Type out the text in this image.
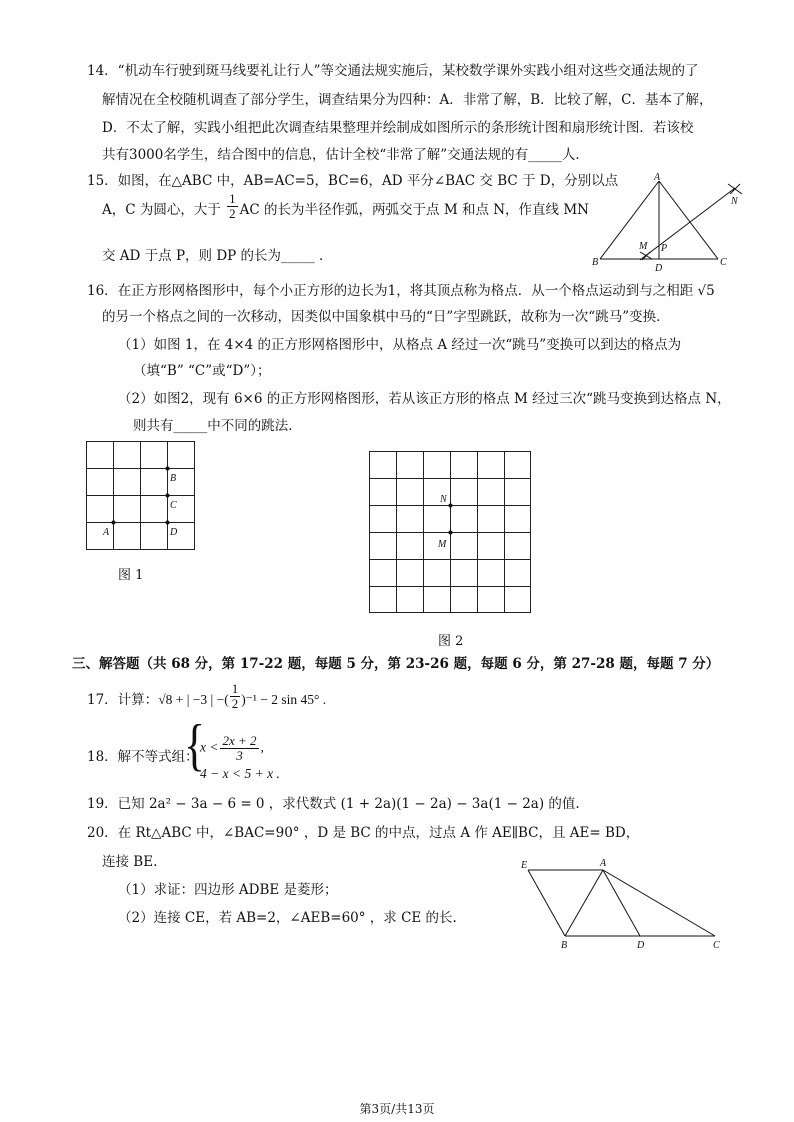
14．“机动车行驶到斑马线要礼让行人”等交通法规实施后，某校数学课外实践小组对这些交通法规的了
解情况在全校随机调查了部分学生，调查结果分为四种：A．非常了解，B．比较了解，C．基本了解，
D．不太了解，实践小组把此次调查结果整理并绘制成如图所示的条形统计图和扇形统计图．若该校
共有3000名学生，结合图中的信息，估计全校“非常了解”交通法规的有_____人．
15．如图，在△ABC 中，AB=AC=5，BC=6，AD 平分∠BAC 交 BC 于 D，分别以点
A，C 为圆心，大于 $\frac{1}{2}$ AC 的长为半径作弧，两弧交于点 M 和点 N，作直线 MN
交 AD 于点 P，则 DP 的长为_____ ．
A
B	C
D
M P
N
16．在正方形网格图形中，每个小正方形的边长为1，将其顶点称为格点．从一个格点运动到与之相距 √5
的另一个格点之间的一次移动，因类似中国象棋中马的“日”字型跳跃，故称为一次“跳马”变换．
（1）如图 1，在 4×4 的正方形网格图形中，从格点 A 经过一次“跳马”变换可以到达的格点为
（填“B” “C”或“D”）；
（2）如图2，现有 6×6 的正方形网格图形，若从该正方形的格点 M 经过三次“跳马变换到达格点 N，
则共有_____中不同的跳法．
A
B
C
D
图 1
N
M
图 2
三、解答题（共 68 分，第 17-22 题，每题 5 分，第 23-26 题，每题 6 分，第 27-28 题，每题 7 分）
17．计算：√8 + | −3 | −( $\frac{1}{2} )^{-1} - 2$ sin 45° .
18．解不等式组：
{
$x < \frac{2x + 2}{3}$ ,
4 − x < 5 + x .
19．已知 2a² − 3a − 6 = 0 ，求代数式 (1 + 2a)(1 − 2a) − 3a(1 − 2a) 的值.
20．在 Rt△ABC 中，∠BAC=90° ，D 是 BC 的中点，过点 A 作 AE∥BC，且 AE= BD，
连接 BE.
（1）求证：四边形 ADBE 是菱形；
（2）连接 CE，若 AB=2，∠AEB=60° ，求 CE 的长.
E	A
B	D	C
第3页/共13页
